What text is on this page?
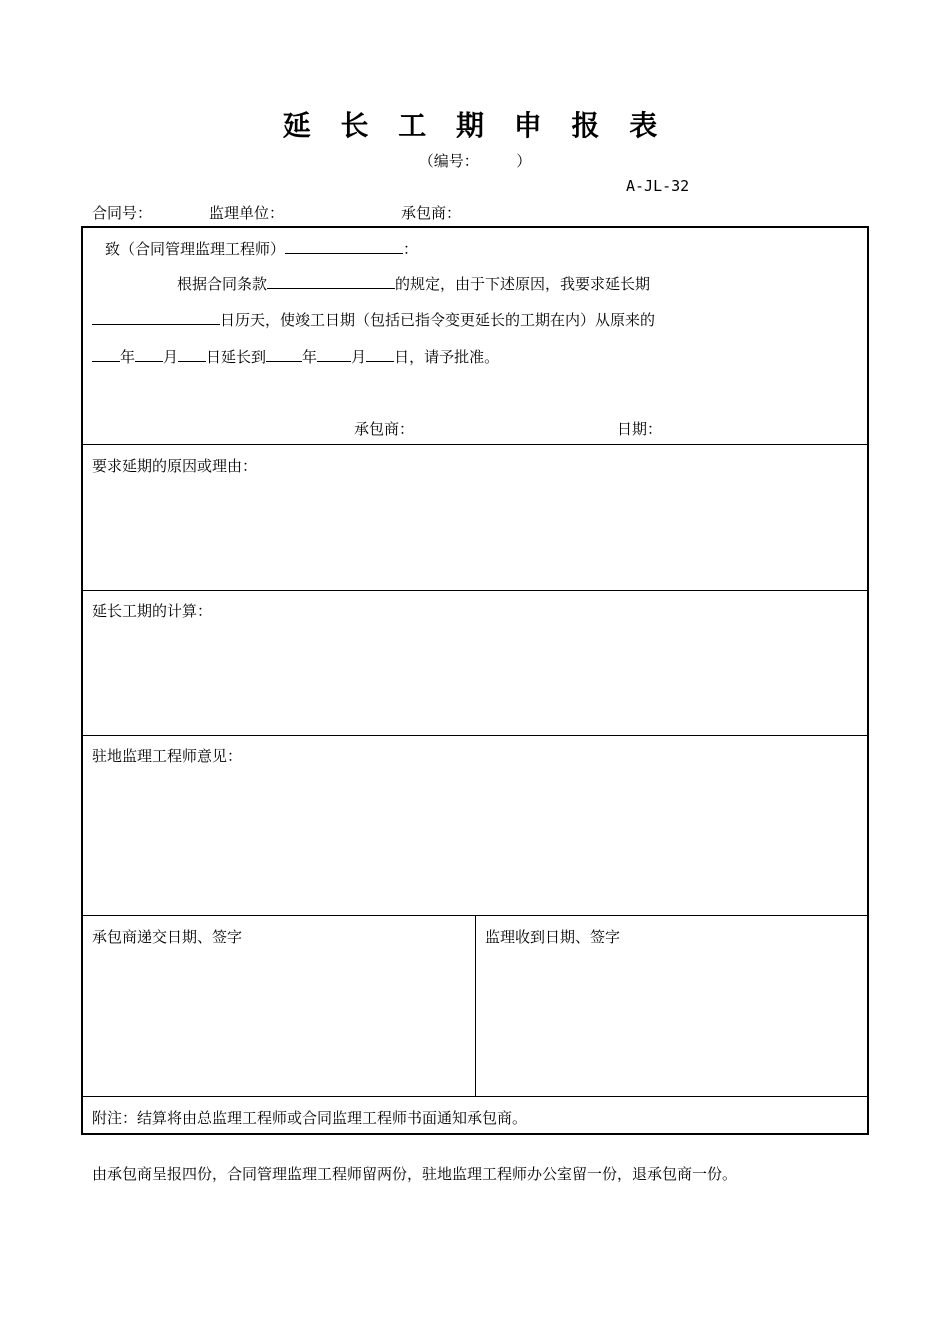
延 长 工 期 申 报 表
（编号：　　　）
A-JL-32
合同号：	监理单位：	承包商：
致（合同管理监理工程师）	：
根据合同条款	的规定，由于下述原因，我要求延长期
日历天，使竣工日期（包括已指令变更延长的工期在内）从原来的
年 月 日延长到 年 月 日，请予批准。
承包商：	日期：
要求延期的原因或理由：
延长工期的计算：
驻地监理工程师意见：
承包商递交日期、签字	监理收到日期、签字
附注：结算将由总监理工程师或合同监理工程师书面通知承包商。
由承包商呈报四份，合同管理监理工程师留两份，驻地监理工程师办公室留一份，退承包商一份。
